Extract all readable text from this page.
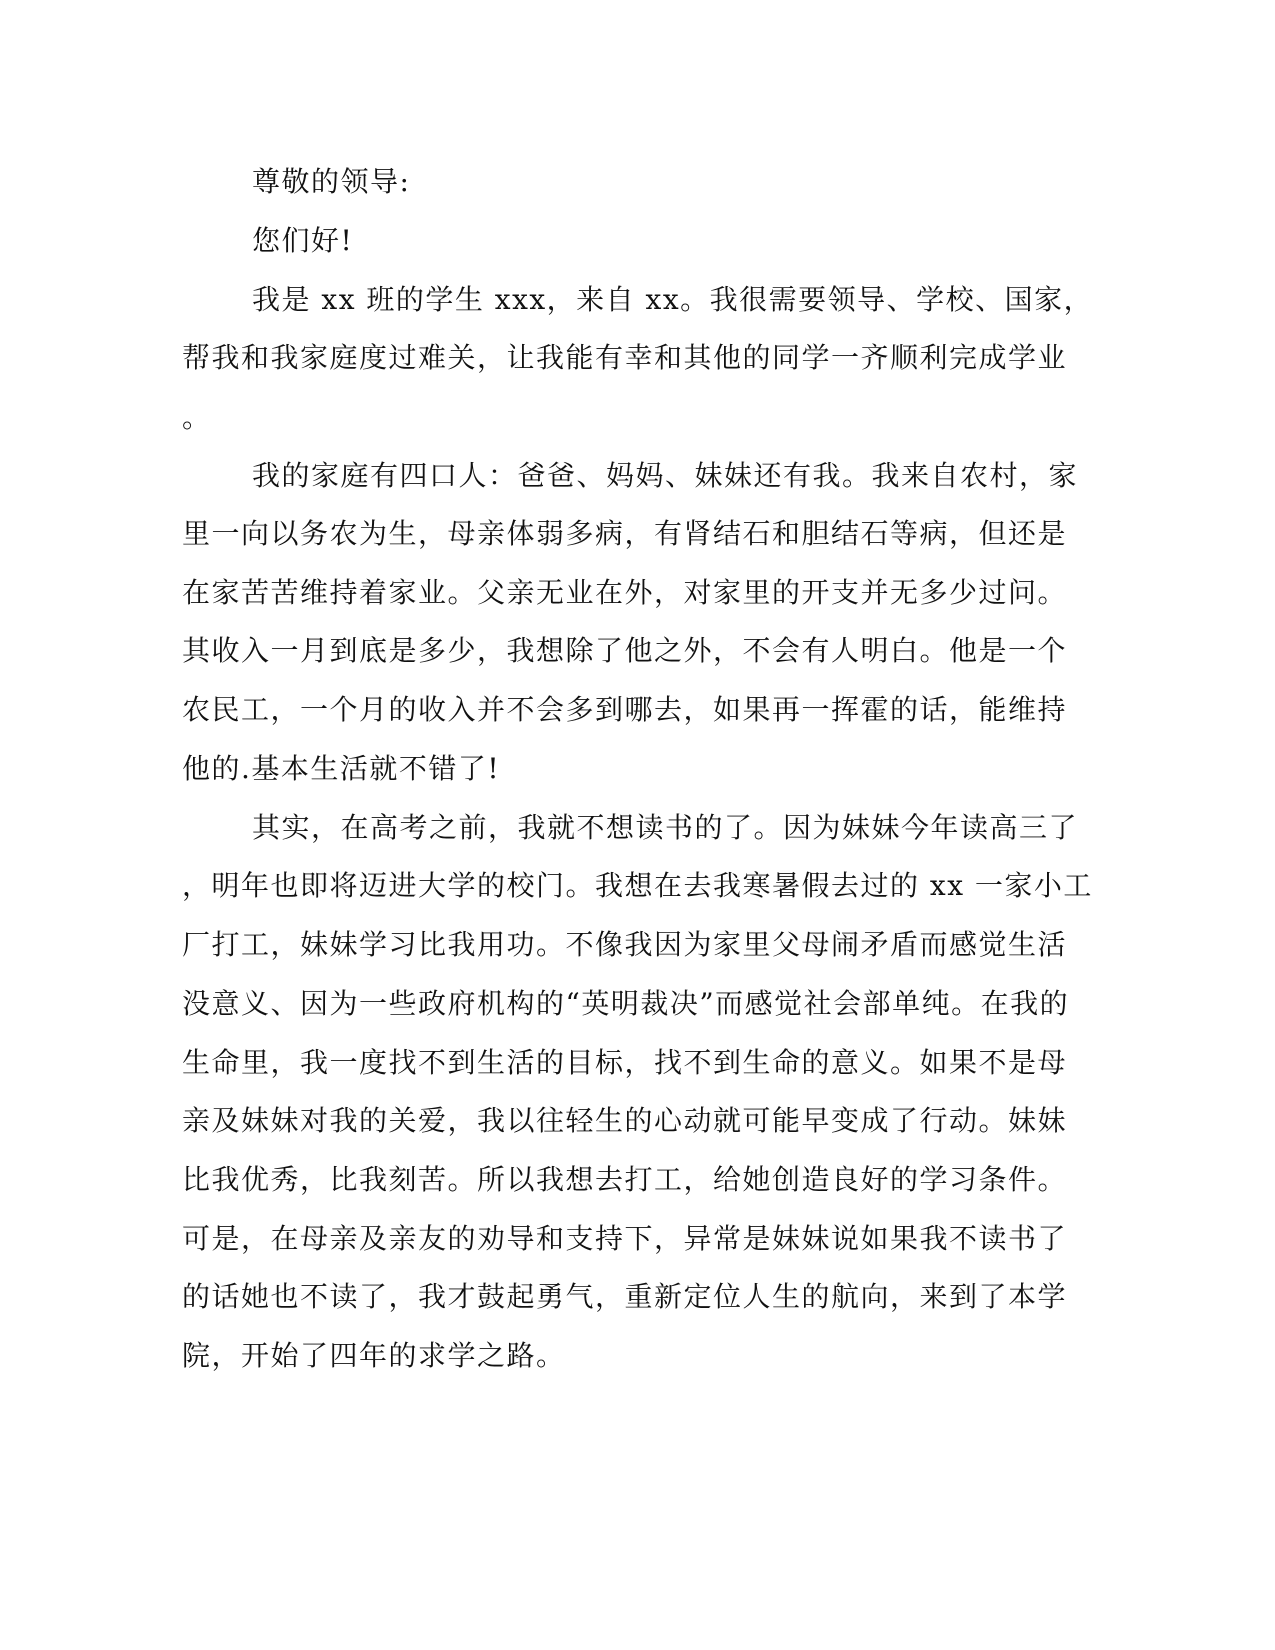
尊敬的领导:
您们好!
我是 xx 班的学生 xxx，来自 xx。我很需要领导、学校、国家，
帮我和我家庭度过难关，让我能有幸和其他的同学一齐顺利完成学业
。
我的家庭有四口人：爸爸、妈妈、妹妹还有我。我来自农村，家
里一向以务农为生，母亲体弱多病，有肾结石和胆结石等病，但还是
在家苦苦维持着家业。父亲无业在外，对家里的开支并无多少过问。
其收入一月到底是多少，我想除了他之外，不会有人明白。他是一个
农民工，一个月的收入并不会多到哪去，如果再一挥霍的话，能维持
他的.基本生活就不错了!
其实，在高考之前，我就不想读书的了。因为妹妹今年读高三了
，明年也即将迈进大学的校门。我想在去我寒暑假去过的 xx 一家小工
厂打工，妹妹学习比我用功。不像我因为家里父母闹矛盾而感觉生活
没意义、因为一些政府机构的“英明裁决”而感觉社会部单纯。在我的
生命里，我一度找不到生活的目标，找不到生命的意义。如果不是母
亲及妹妹对我的关爱，我以往轻生的心动就可能早变成了行动。妹妹
比我优秀，比我刻苦。所以我想去打工，给她创造良好的学习条件。
可是，在母亲及亲友的劝导和支持下，异常是妹妹说如果我不读书了
的话她也不读了，我才鼓起勇气，重新定位人生的航向，来到了本学
院，开始了四年的求学之路。
